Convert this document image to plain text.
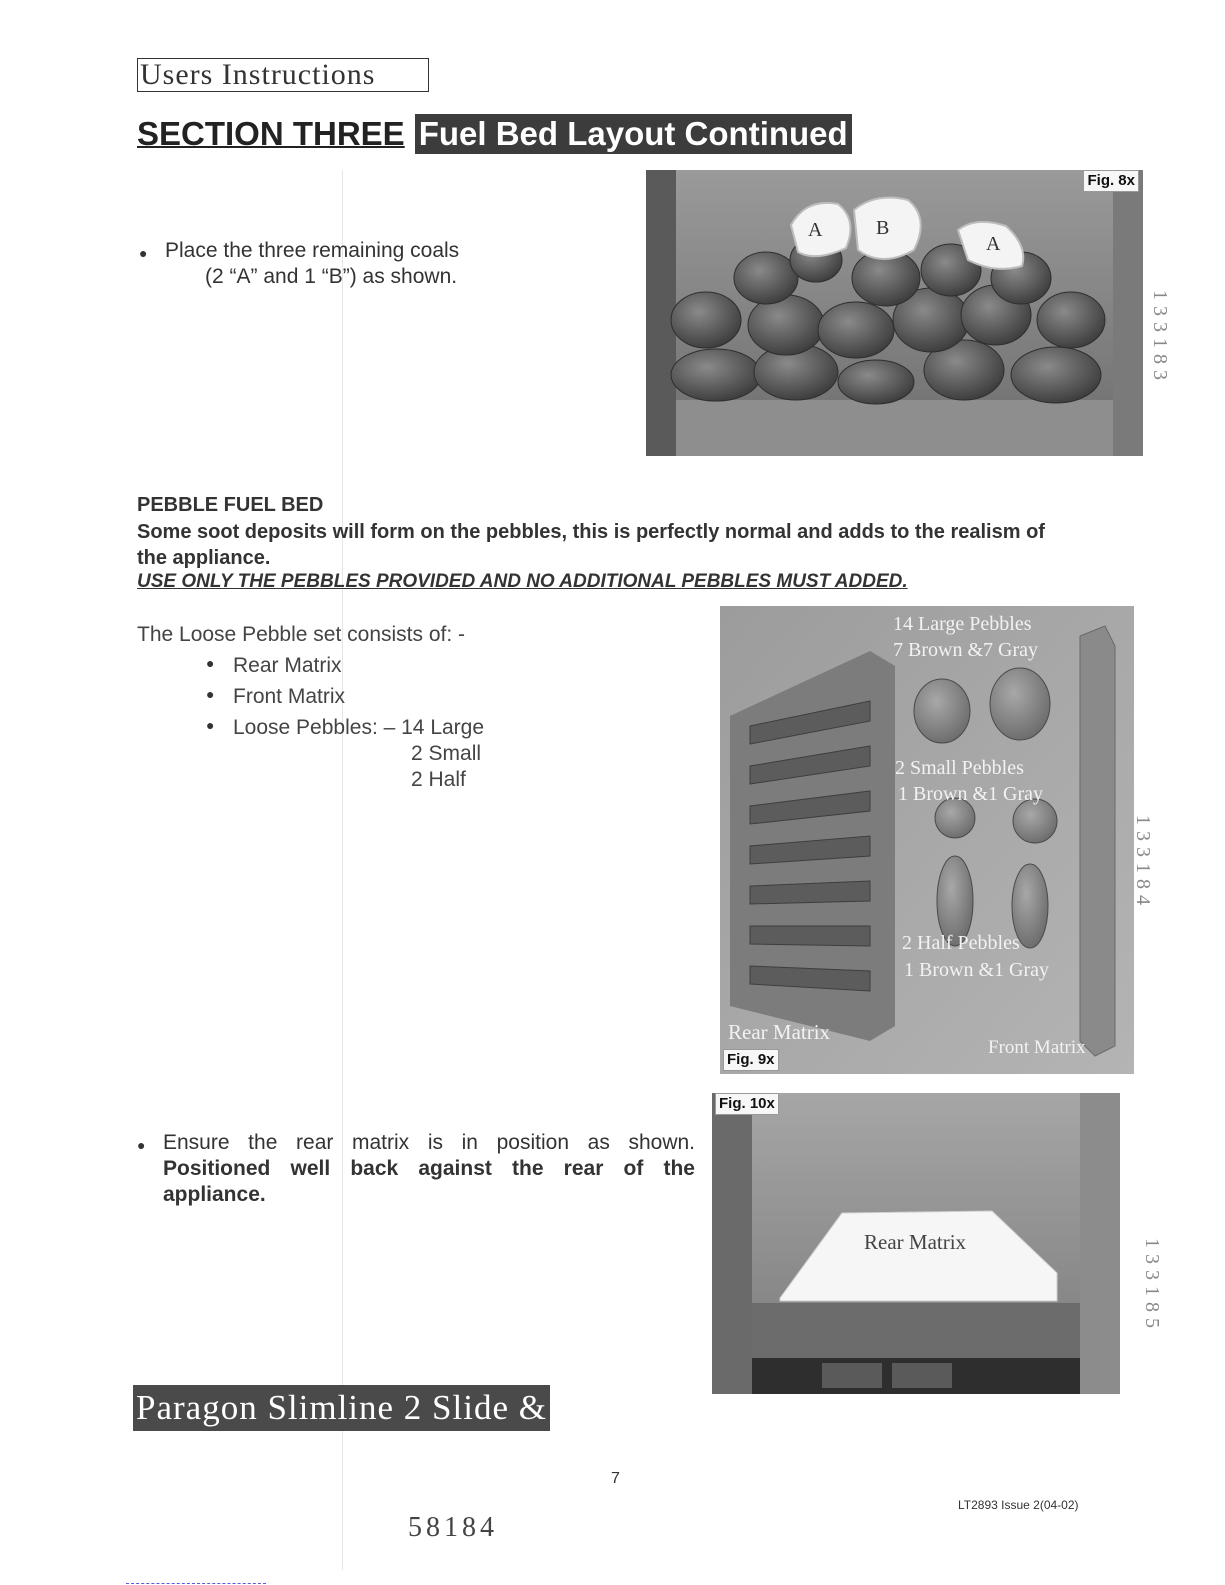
Users Instructions
SECTION THREE Fuel Bed Layout Continued
Place the three remaining coals
(2 “A” and 1 “B”) as shown.
A	B
A
Fig. 8x
133183
PEBBLE FUEL BED
Some soot deposits will form on the pebbles, this is perfectly normal and adds to the realism of the appliance.
USE ONLY THE PEBBLES PROVIDED AND NO ADDITIONAL PEBBLES MUST ADDED.
The Loose Pebble set consists of: -
Rear Matrix
Front Matrix
Loose Pebbles: – 14 Large
2 Small
2 Half
14 Large Pebbles
7 Brown &7 Gray
2 Small Pebbles
1 Brown &1 Gray
2 Half Pebbles
1 Brown &1 Gray
Rear Matrix
Front Matrix
Fig. 9x
133184
Ensure the rear matrix is in position as shown. Positioned well back against the rear of the appliance.
Rear Matrix
Fig. 10x
133185
Paragon Slimline 2 Slide &
7
LT2893 Issue 2(04-02)
58184
